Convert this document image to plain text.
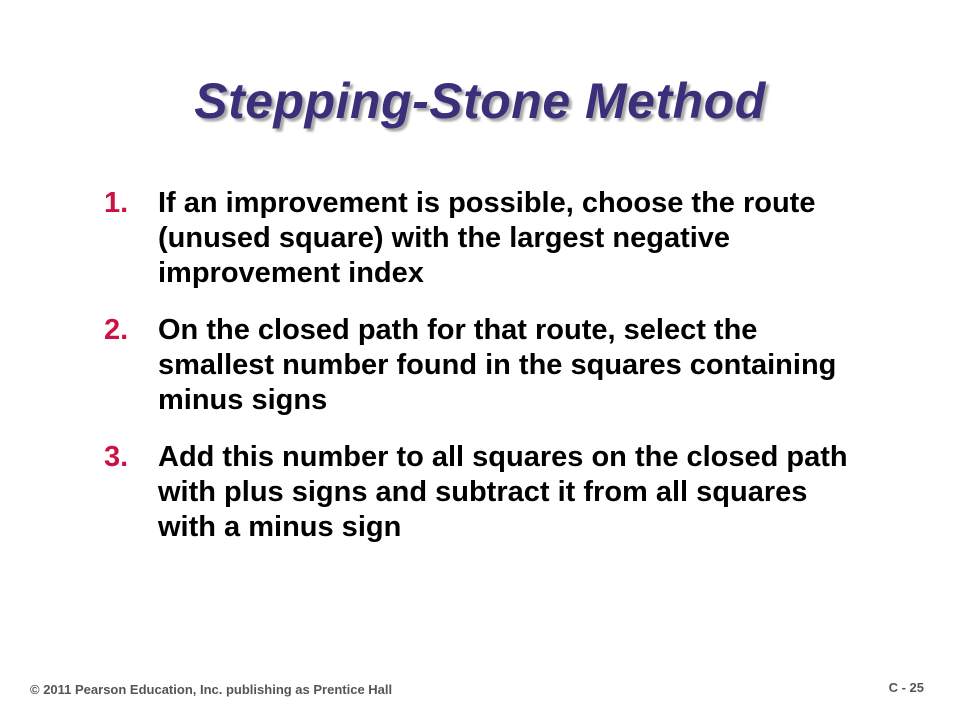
Stepping-Stone Method
1.	If an improvement is possible, choose the route (unused square) with the largest negative improvement index
2.	On the closed path for that route, select the smallest number found in the squares containing minus signs
3.	Add this number to all squares on the closed path with plus signs and subtract it from all squares with a minus sign
© 2011 Pearson Education, Inc. publishing as Prentice Hall	C - 25
